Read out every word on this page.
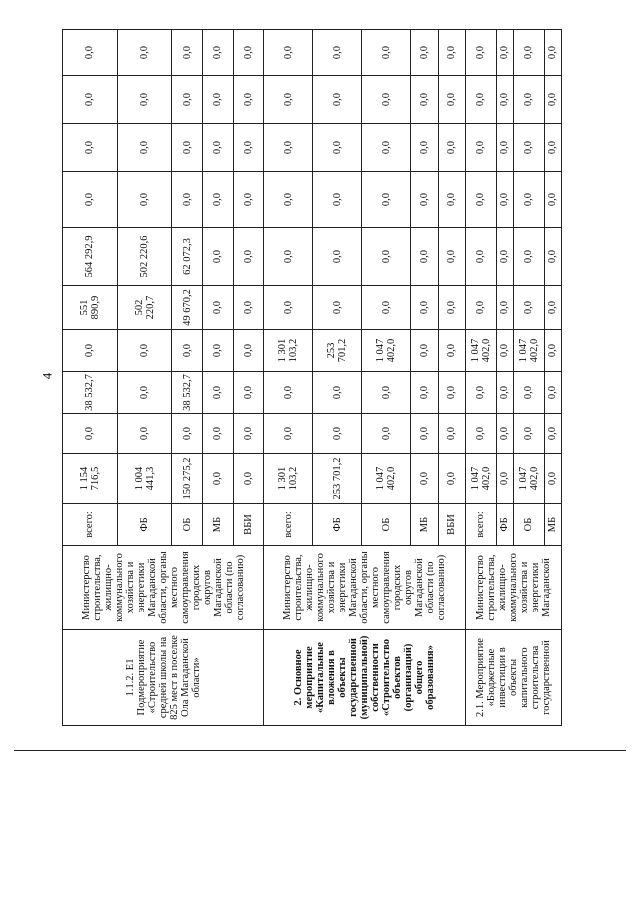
4
1.1.2. Е1 Подмероприятие «Строительство средней школы на 825 мест в поселке Ола Магаданской области»	Министерство строительства, жилищно-коммунального хозяйства и энергетики Магаданской области, органы местного самоуправления городских округов Магаданской области (по согласованию)	всего:	1 154 716,5	0,0	38 532,7	0,0	551 890,9	564 292,9	0,0	0,0	0,0	0,0
		ФБ	1 004 441,3	0,0	0,0	0,0	502 220,7	502 220,6	0,0	0,0	0,0	0,0
		ОБ	150 275,2	0,0	38 532,7	0,0	49 670,2	62 072,3	0,0	0,0	0,0	0,0
		МБ	0,0	0,0	0,0	0,0	0,0	0,0	0,0	0,0	0,0	0,0
		ВБИ	0,0	0,0	0,0	0,0	0,0	0,0	0,0	0,0	0,0	0,0
2. Основное мероприятие «Капитальные вложения в объекты государственной (муниципальной) собственности «Строительство объектов (организаций) общего образования»	Министерство строительства, жилищно-коммунального хозяйства и энергетики Магаданской области, органы местного самоуправления городских округов Магаданской области (по согласованию)	всего:	1 301 103,2	0,0	0,0	1 301 103,2	0,0	0,0	0,0	0,0	0,0	0,0
		ФБ	253 701,2	0,0	0,0	253 701,2	0,0	0,0	0,0	0,0	0,0	0,0
		ОБ	1 047 402,0	0,0	0,0	1 047 402,0	0,0	0,0	0,0	0,0	0,0	0,0
		МБ	0,0	0,0	0,0	0,0	0,0	0,0	0,0	0,0	0,0	0,0
		ВБИ	0,0	0,0	0,0	0,0	0,0	0,0	0,0	0,0	0,0	0,0
2.1. Мероприятие «Бюджетные инвестиции в объекты капитального строительства государственной	Министерство строительства, жилищно-коммунального хозяйства и энергетики Магаданской	всего:	1 047 402,0	0,0	0,0	1 047 402,0	0,0	0,0	0,0	0,0	0,0	0,0
		ФБ	0,0	0,0	0,0	0,0	0,0	0,0	0,0	0,0	0,0	0,0
		ОБ	1 047 402,0	0,0	0,0	1 047 402,0	0,0	0,0	0,0	0,0	0,0	0,0
		МБ	0,0	0,0	0,0	0,0	0,0	0,0	0,0	0,0	0,0	0,0
